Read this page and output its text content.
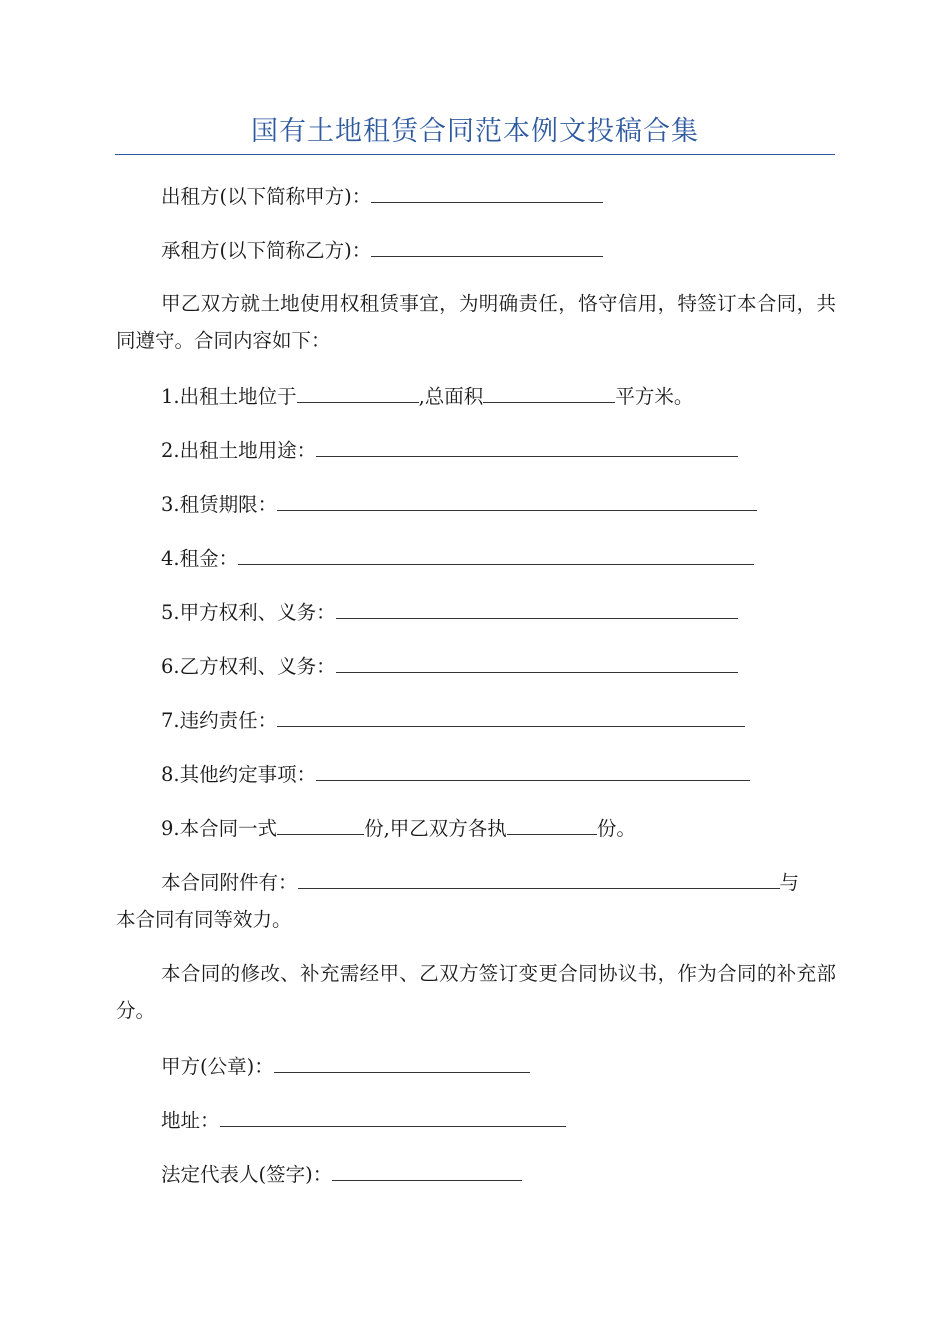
国有土地租赁合同范本例文投稿合集
出租方(以下简称甲方)：
承租方(以下简称乙方)：
甲乙双方就土地使用权租赁事宜，为明确责任，恪守信用，特签订本合同，共同遵守。合同内容如下：
1.出租土地位于	,总面积	平方米。
2.出租土地用途：
3.租赁期限：
4.租金：
5.甲方权利、义务：
6.乙方权利、义务：
7.违约责任：
8.其他约定事项：
9.本合同一式	份,甲乙双方各执	份。
本合同附件有：	与
本合同有同等效力。
本合同的修改、补充需经甲、乙双方签订变更合同协议书，作为合同的补充部分。
甲方(公章)：
地址：
法定代表人(签字)：
